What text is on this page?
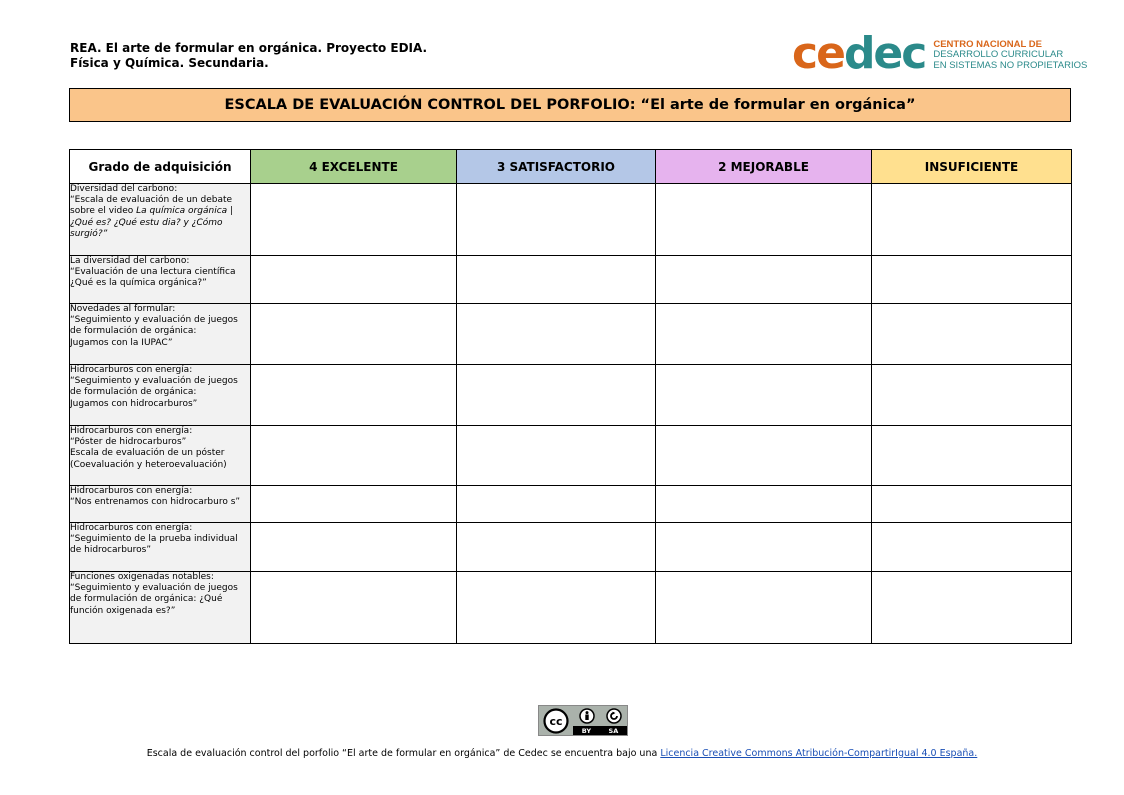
REA. El arte de formular en orgánica. Proyecto EDIA.
Física y Química. Secundaria.	cedec CENTRO NACIONAL DE
DESARROLLO CURRICULAR
EN SISTEMAS NO PROPIETARIOS
ESCALA DE EVALUACIÓN CONTROL DEL PORFOLIO: “El arte de formular en orgánica”
Grado de adquisición	4 EXCELENTE	3 SATISFACTORIO	2 MEJORABLE	INSUFICIENTE

Diversidad del carbono:
“Escala de evaluación de un debate
sobre el video La química orgánica |
¿Qué es? ¿Qué estu dia? y ¿Cómo
surgió?”				

La diversidad del carbono:
“Evaluación de una lectura científica
¿Qué es la química orgánica?”				

Novedades al formular:
“Seguimiento y evaluación de juegos
de formulación de orgánica:
Jugamos con la IUPAC”				

Hidrocarburos con energía:
“Seguimiento y evaluación de juegos
de formulación de orgánica:
Jugamos con hidrocarburos”				

Hidrocarburos con energía:
“Póster de hidrocarburos”
Escala de evaluación de un póster
(Coevaluación y heteroevaluación)				

Hidrocarburos con energía:
“Nos entrenamos con hidrocarburo s”				

Hidrocarburos con energía:
“Seguimiento de la prueba individual
de hidrocarburos”				

Funciones oxigenadas notables:
“Seguimiento y evaluación de juegos
de formulación de orgánica: ¿Qué
función oxigenada es?”				

cc
BY	SA
Escala de evaluación control del porfolio “El arte de formular en orgánica” de Cedec se encuentra bajo una Licencia Creative Commons Atribución-CompartirIgual 4.0 España.
